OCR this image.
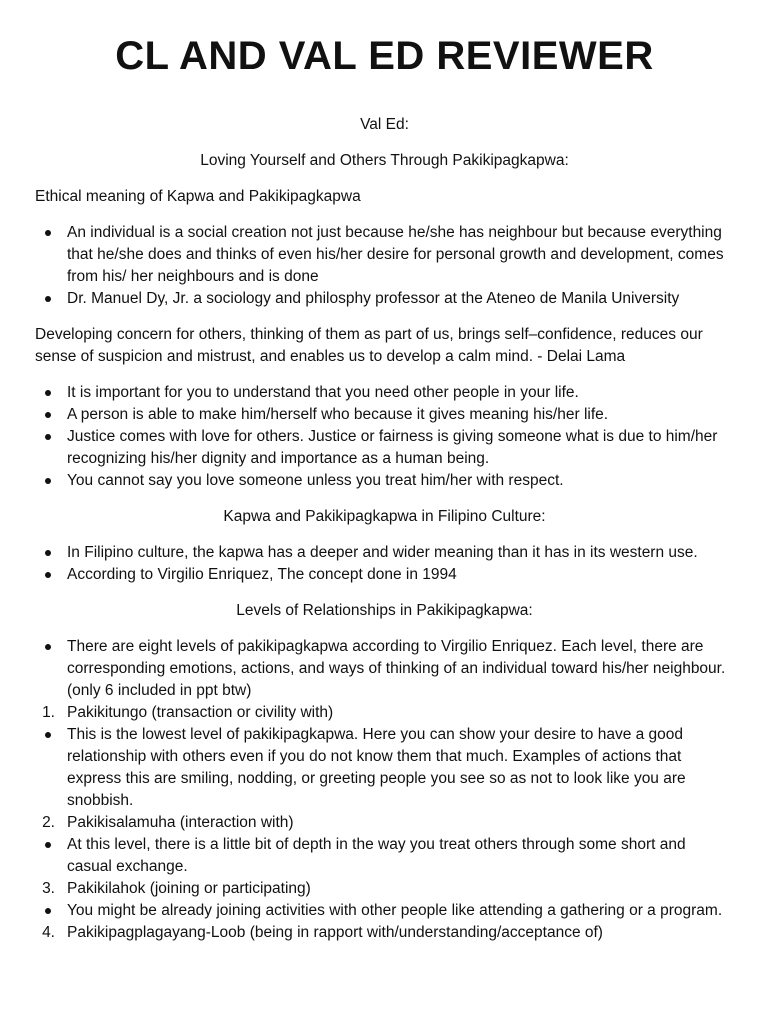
CL AND VAL ED REVIEWER
Val Ed:
Loving Yourself and Others Through Pakikipagkapwa:
Ethical meaning of Kapwa and Pakikipagkapwa
An individual is a social creation not just because he/she has neighbour but because everything that he/she does and thinks of even his/her desire for personal growth and development, comes from his/ her neighbours and is done
Dr. Manuel Dy, Jr. a sociology and philosphy professor at the Ateneo de Manila University
Developing concern for others, thinking of them as part of us, brings self–confidence, reduces our sense of suspicion and mistrust, and enables us to develop a calm mind. - Delai Lama
It is important for you to understand that you need other people in your life.
A person is able to make him/herself who because it gives meaning his/her life.
Justice comes with love for others. Justice or fairness is giving someone what is due to him/her recognizing his/her dignity and importance as a human being.
You cannot say you love someone unless you treat him/her with respect.
Kapwa and Pakikipagkapwa in Filipino Culture:
In Filipino culture, the kapwa has a deeper and wider meaning than it has in its western use.
According to Virgilio Enriquez, The concept done in 1994
Levels of Relationships in Pakikipagkapwa:
There are eight levels of pakikipagkapwa according to Virgilio Enriquez. Each level, there are corresponding emotions, actions, and ways of thinking of an individual toward his/her neighbour. (only 6 included in ppt btw)
1. Pakikitungo (transaction or civility with)
This is the lowest level of pakikipagkapwa. Here you can show your desire to have a good relationship with others even if you do not know them that much. Examples of actions that express this are smiling, nodding, or greeting people you see so as not to look like you are snobbish.
2. Pakikisalamuha (interaction with)
At this level, there is a little bit of depth in the way you treat others through some short and casual exchange.
3. Pakikilahok (joining or participating)
You might be already joining activities with other people like attending a gathering or a program.
4. Pakikipagplagayang-Loob (being in rapport with/understanding/acceptance of)
